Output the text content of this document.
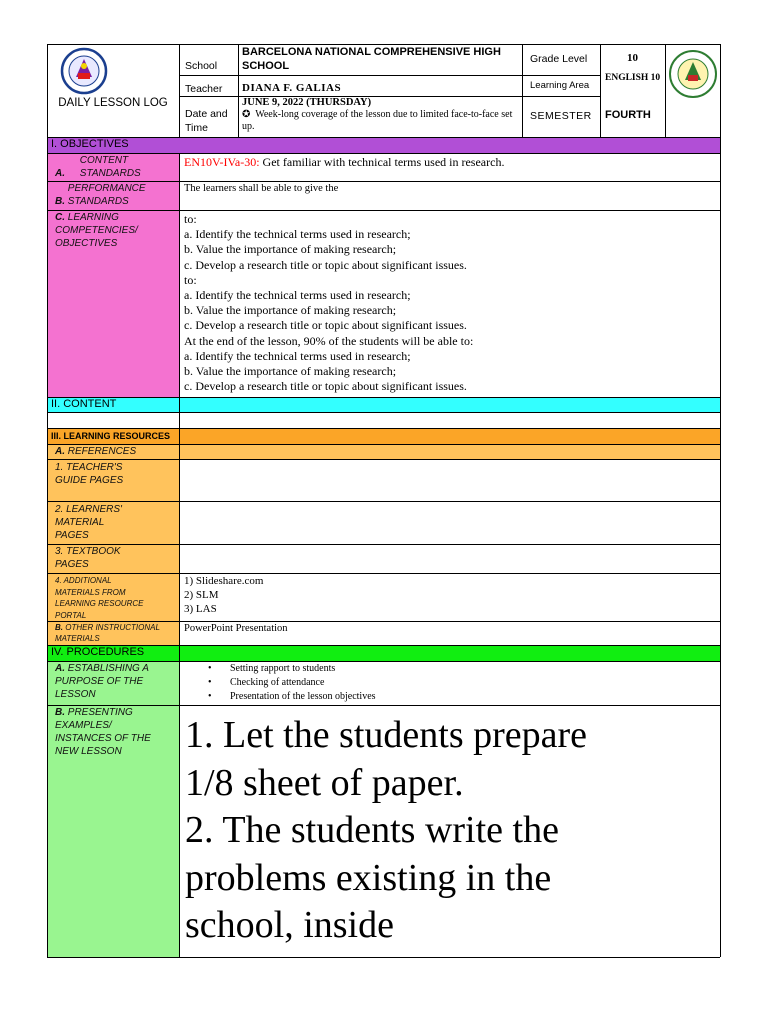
DAILY LESSON LOG
School
BARCELONA NATIONAL COMPREHENSIVE HIGH SCHOOL
Teacher DIANA F. GALIAS
Date and Time
JUNE 9, 2022 (THURSDAY)
✪ Week-long coverage of the lesson due to limited face-to-face set up.
Grade Level	10
Learning Area
ENGLISH 10
SEMESTER FOURTH
I. OBJECTIVES
A. CONTENT STANDARDS
EN10V-IVa-30: Get familiar with technical terms used in research.
B. PERFORMANCE STANDARDS
The learners shall be able to give the
C. LEARNING COMPETENCIES/ OBJECTIVES
to:
a. Identify the technical terms used in research;
b. Value the importance of making research;
c. Develop a research title or topic about significant issues.
to:
a. Identify the technical terms used in research;
b. Value the importance of making research;
c. Develop a research title or topic about significant issues.
At the end of the lesson, 90% of the students will be able to:
a. Identify the technical terms used in research;
b. Value the importance of making research;
c. Develop a research title or topic about significant issues.
II. CONTENT
III. LEARNING RESOURCES
A. REFERENCES
1. TEACHER'S GUIDE PAGES
2. LEARNERS' MATERIAL PAGES
3. TEXTBOOK PAGES
4. ADDITIONAL MATERIALS FROM LEARNING RESOURCE PORTAL
1) Slideshare.com
2) SLM
3) LAS
B. OTHER INSTRUCTIONAL MATERIALS
PowerPoint Presentation
IV. PROCEDURES
A. ESTABLISHING A PURPOSE OF THE LESSON
• Setting rapport to students
• Checking of attendance
• Presentation of the lesson objectives
B. PRESENTING EXAMPLES/ INSTANCES OF THE NEW LESSON	1. Let the students prepare
1/8 sheet of paper.
2. The students write the
problems existing in the
school, inside
